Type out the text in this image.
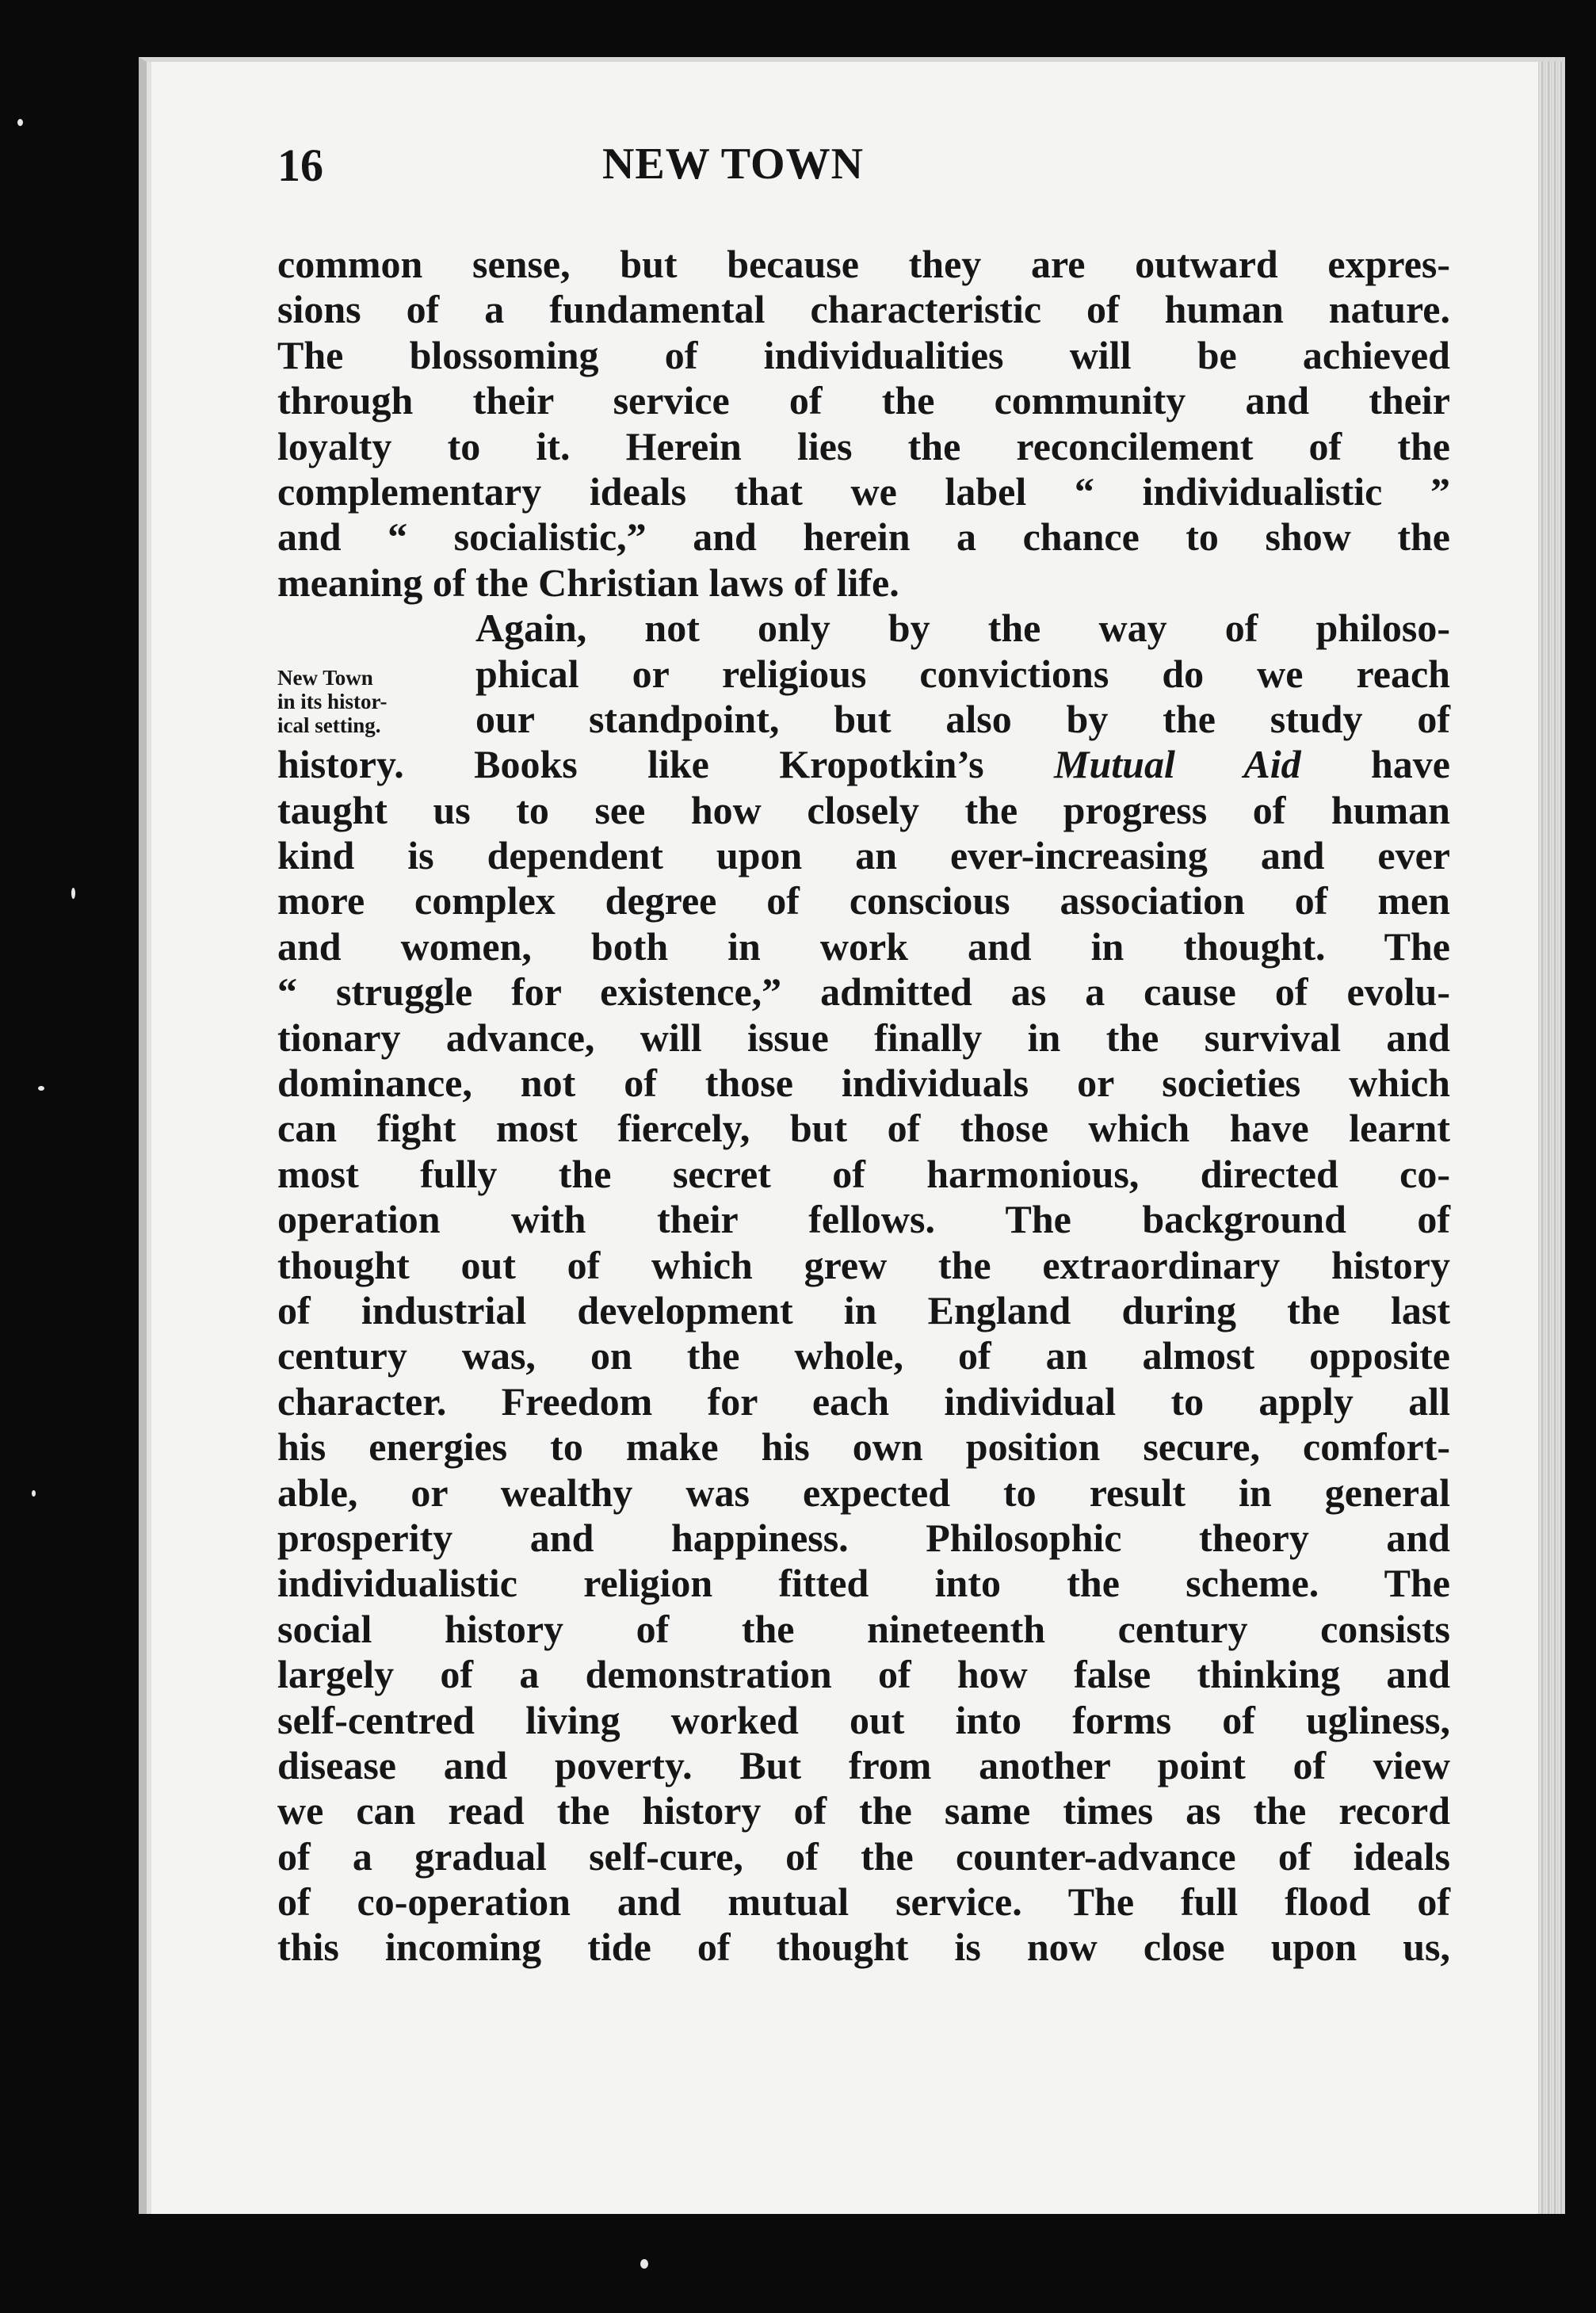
16	NEW TOWN
New Town
in its histor-
ical setting.
common sense, but because they are outward expres-
sions of a fundamental characteristic of human nature.
The blossoming of individualities will be achieved
through their service of the community and their
loyalty to it. Herein lies the reconcilement of the
complementary ideals that we label “ individualistic ”
and “ socialistic,” and herein a chance to show the
meaning of the Christian laws of life.
Again, not only by the way of philoso-
phical or religious convictions do we reach
our standpoint, but also by the study of
history. Books like Kropotkin’s Mutual Aid have
taught us to see how closely the progress of human
kind is dependent upon an ever-increasing and ever
more complex degree of conscious association of men
and women, both in work and in thought. The
“ struggle for existence,” admitted as a cause of evolu-
tionary advance, will issue finally in the survival and
dominance, not of those individuals or societies which
can fight most fiercely, but of those which have learnt
most fully the secret of harmonious, directed co-
operation with their fellows. The background of
thought out of which grew the extraordinary history
of industrial development in England during the last
century was, on the whole, of an almost opposite
character. Freedom for each individual to apply all
his energies to make his own position secure, comfort-
able, or wealthy was expected to result in general
prosperity and happiness. Philosophic theory and
individualistic religion fitted into the scheme. The
social history of the nineteenth century consists
largely of a demonstration of how false thinking and
self-centred living worked out into forms of ugliness,
disease and poverty. But from another point of view
we can read the history of the same times as the record
of a gradual self-cure, of the counter-advance of ideals
of co-operation and mutual service. The full flood of
this incoming tide of thought is now close upon us,
